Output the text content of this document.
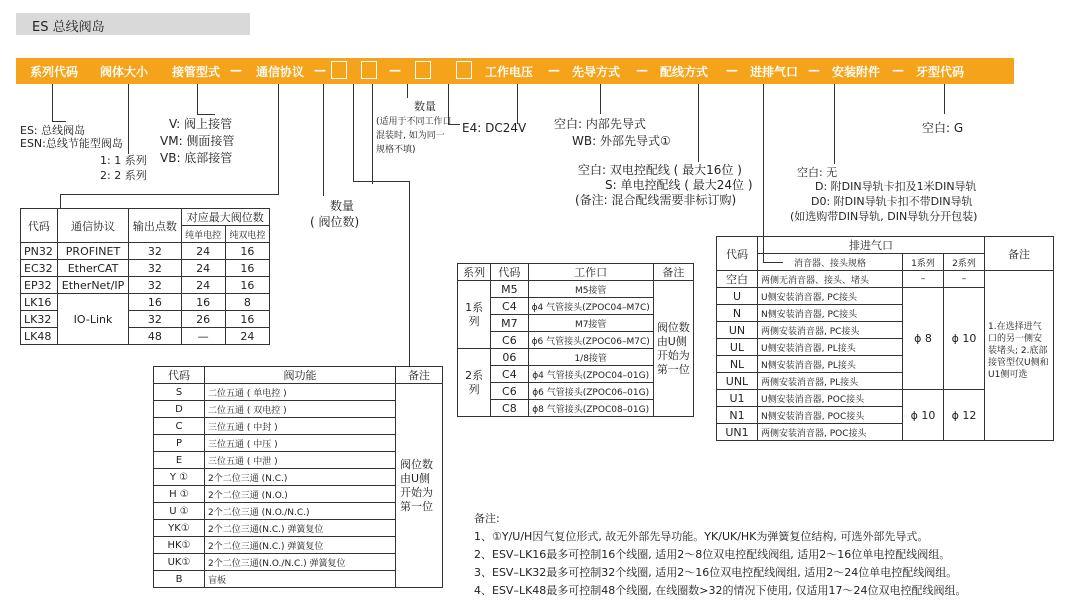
ES 总线阀岛
系列代码 阀体大小 接管型式 — 通信协议 —	—	工作电压 — 先导方式 — 配线方式 — 进排气口 — 安装附件 — 牙型代码
ES: 总线阀岛
ESN:总线节能型阀岛
1: 1 系列
2: 2 系列
V: 阀上接管
VM: 侧面接管
VB: 底部接管
数量
(适用于不同工作口
混装时, 如为同一
规格不填)
数量
( 阀位数)
E4: DC24V 空白: 内部先导式
WB: 外部先导式①
空白: 双电控配线 ( 最大16位 )
S: 单电控配线 ( 最大24位 )
(备注: 混合配线需要非标订购)
空白: 无
D: 附DIN导轨卡扣及1米DIN导轨
D0: 附DIN导轨卡扣不带DIN导轨
(如选购带DIN导轨, DIN导轨分开包装)
空白: G
代码	通信协议	输出点数	对应最大阀位数	
			纯单电控	纯双电控
PN32	PROFINET	32	24	16
EC32	EtherCAT	32	24	16
EP32	EtherNet/IP	32	24	16
LK16	IO-Link	16	16	8
LK32		32	26	16
LK48		48	—	24
代码	阀功能	备注
S	二位五通 ( 单电控 )	阀位数由U侧开始为第一位
D	二位五通 ( 双电控 )	
C	三位五通 ( 中封 )	
P	三位五通 ( 中压 )	
E	三位五通 ( 中泄 )	
Y ①	2个二位三通 (N.C.)	
H ①	2个二位三通 (N.O.)	
U ①	2个二位三通 (N.O./N.C.)	
YK①	2个二位三通(N.C.) 弹簧复位	
HK①	2个二位三通(N.C.) 弹簧复位	
UK①	2个二位三通(N.O./N.C.) 弹簧复位	
B	盲板	
系列	代码	工作口	备注
1系列	M5	M5接管	阀位数由U侧开始为第一位
	C4	ϕ4 气管接头(ZPOC04–M7C)	
	M7	M7接管	
	C6	ϕ6 气管接头(ZPOC06–M7C)	
2系列	06	1/8接管	
	C4	ϕ4 气管接头(ZPOC04–01G)	
	C6	ϕ6 气管接头(ZPOC06–01G)	
	C8	ϕ8 气管接头(ZPOC08–01G)	
代码	排进气口			备注
	消音器、接头规格	1系列	2系列	
空白	两侧无消音器、接头、堵头	–	–	1.在选择进气口的另一侧安装堵头; 2.底部接管型仅U侧和U1侧可选
U	U侧安装消音器, PC接头	ϕ 8	ϕ 10	
N	N侧安装消音器, PC接头			
UN	两侧安装消音器, PC接头			
UL	U侧安装消音器, PL接头			
NL	N侧安装消音器, PL接头			
UNL	两侧安装消音器, PL接头			
U1	U侧安装消音器, POC接头	ϕ 10	ϕ 12	
N1	N侧安装消音器, POC接头			
UN1	两侧安装消音器, POC接头			
备注:
1、①Y/U/H因气复位形式, 故无外部先导功能。YK/UK/HK为弹簧复位结构, 可选外部先导式。
2、ESV–LK16最多可控制16个线圈, 适用2～8位双电控配线阀组, 适用2～16位单电控配线阀组。
3、ESV–LK32最多可控制32个线圈, 适用2～16位双电控配线阀组, 适用2～24位单电控配线阀组。
4、ESV–LK48最多可控制48个线圈, 在线圈数>32的情况下使用, 仅适用17～24位双电控配线阀组。
